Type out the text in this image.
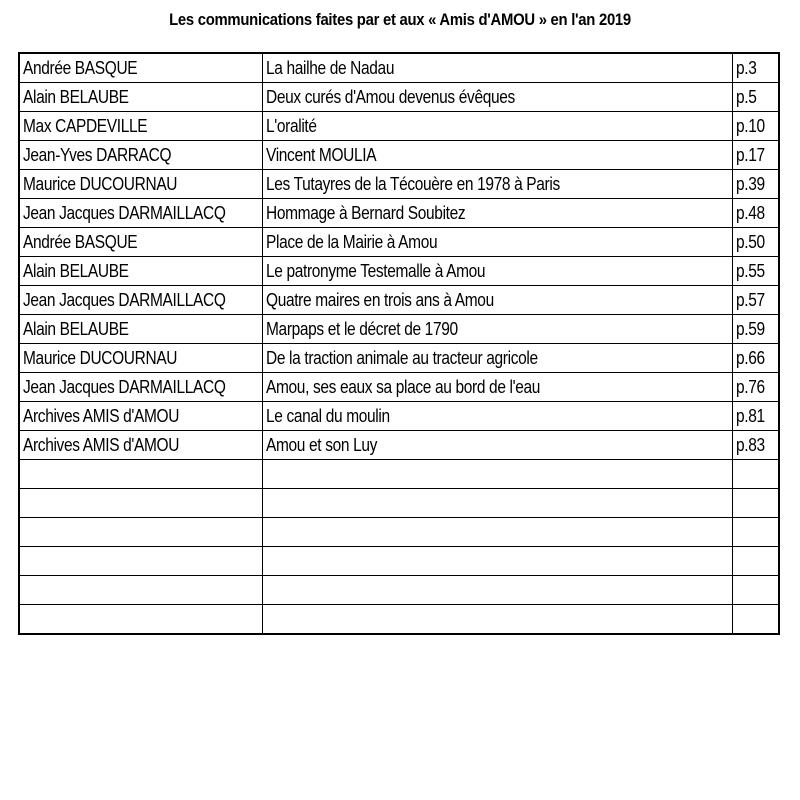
Les communications faites par et aux « Amis d'AMOU » en l'an 2019
Andrée BASQUE	La hailhe de Nadau	p.3
Alain BELAUBE	Deux curés d'Amou devenus évêques	p.5
Max CAPDEVILLE	L'oralité	p.10
Jean-Yves DARRACQ	Vincent MOULIA	p.17
Maurice DUCOURNAU	Les Tutayres de la Técouère en 1978 à Paris	p.39
Jean Jacques DARMAILLACQ	Hommage à Bernard Soubitez	p.48
Andrée BASQUE	Place de la Mairie à Amou	p.50
Alain BELAUBE	Le patronyme Testemalle à Amou	p.55
Jean Jacques DARMAILLACQ	Quatre maires en trois ans à Amou	p.57
Alain BELAUBE	Marpaps et le décret de 1790	p.59
Maurice DUCOURNAU	De la traction animale au tracteur agricole	p.66
Jean Jacques DARMAILLACQ	Amou, ses eaux sa place au bord de l'eau	p.76
Archives AMIS d'AMOU	Le canal du moulin	p.81
Archives AMIS d'AMOU	Amou et son Luy	p.83
